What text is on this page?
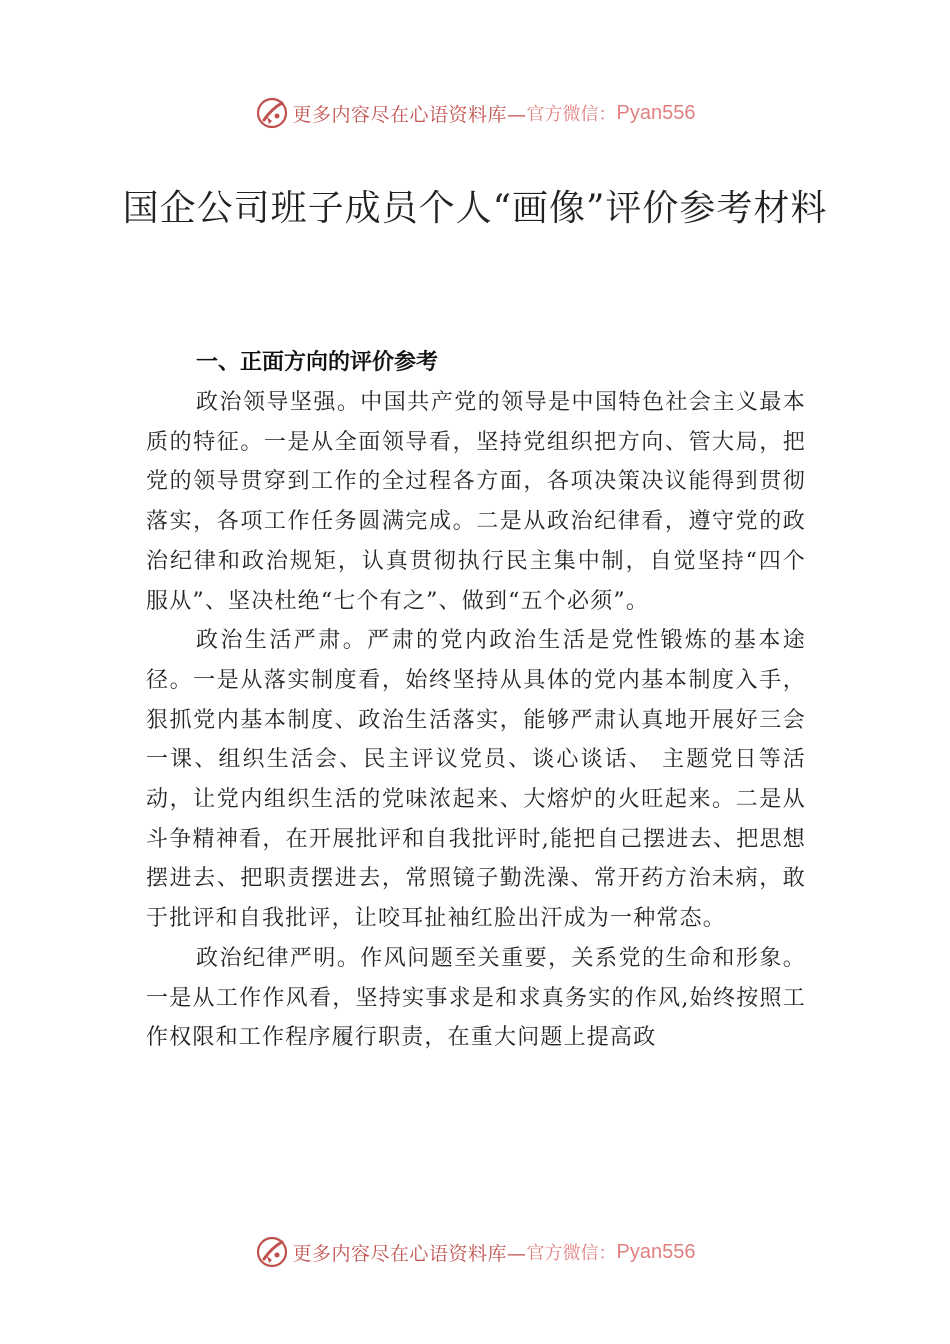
更多内容尽在心语资料库— 官方微信： Pyan556
国企公司班子成员个人“画像”评价参考材料

一、正面方向的评价参考

政治领导坚强。中国共产党的领导是中国特色社会主义最本质的特征。一是从全面领导看，坚持党组织把方向、管大局，把党的领导贯穿到工作的全过程各方面，各项决策决议能得到贯彻落实，各项工作任务圆满完成。二是从政治纪律看，遵守党的政治纪律和政治规矩，认真贯彻执行民主集中制，自觉坚持“四个服从”、坚决杜绝“七个有之”、做到“五个必须”。

政治生活严肃。严肃的党内政治生活是党性锻炼的基本途径。一是从落实制度看，始终坚持从具体的党内基本制度入手，狠抓党内基本制度、政治生活落实，能够严肃认真地开展好三会一课、组织生活会、民主评议党员、谈心谈话、 主题党日等活动，让党内组织生活的党味浓起来、大熔炉的火旺起来。二是从斗争精神看，在开展批评和自我批评时,能把自己摆进去、把思想摆进去、把职责摆进去，常照镜子勤洗澡、常开药方治未病，敢于批评和自我批评，让咬耳扯袖红脸出汗成为一种常态。

政治纪律严明。作风问题至关重要，关系党的生命和形象。一是从工作作风看，坚持实事求是和求真务实的作风,始终按照工作权限和工作程序履行职责，在重大问题上提高政

更多内容尽在心语资料库— 官方微信： Pyan556
